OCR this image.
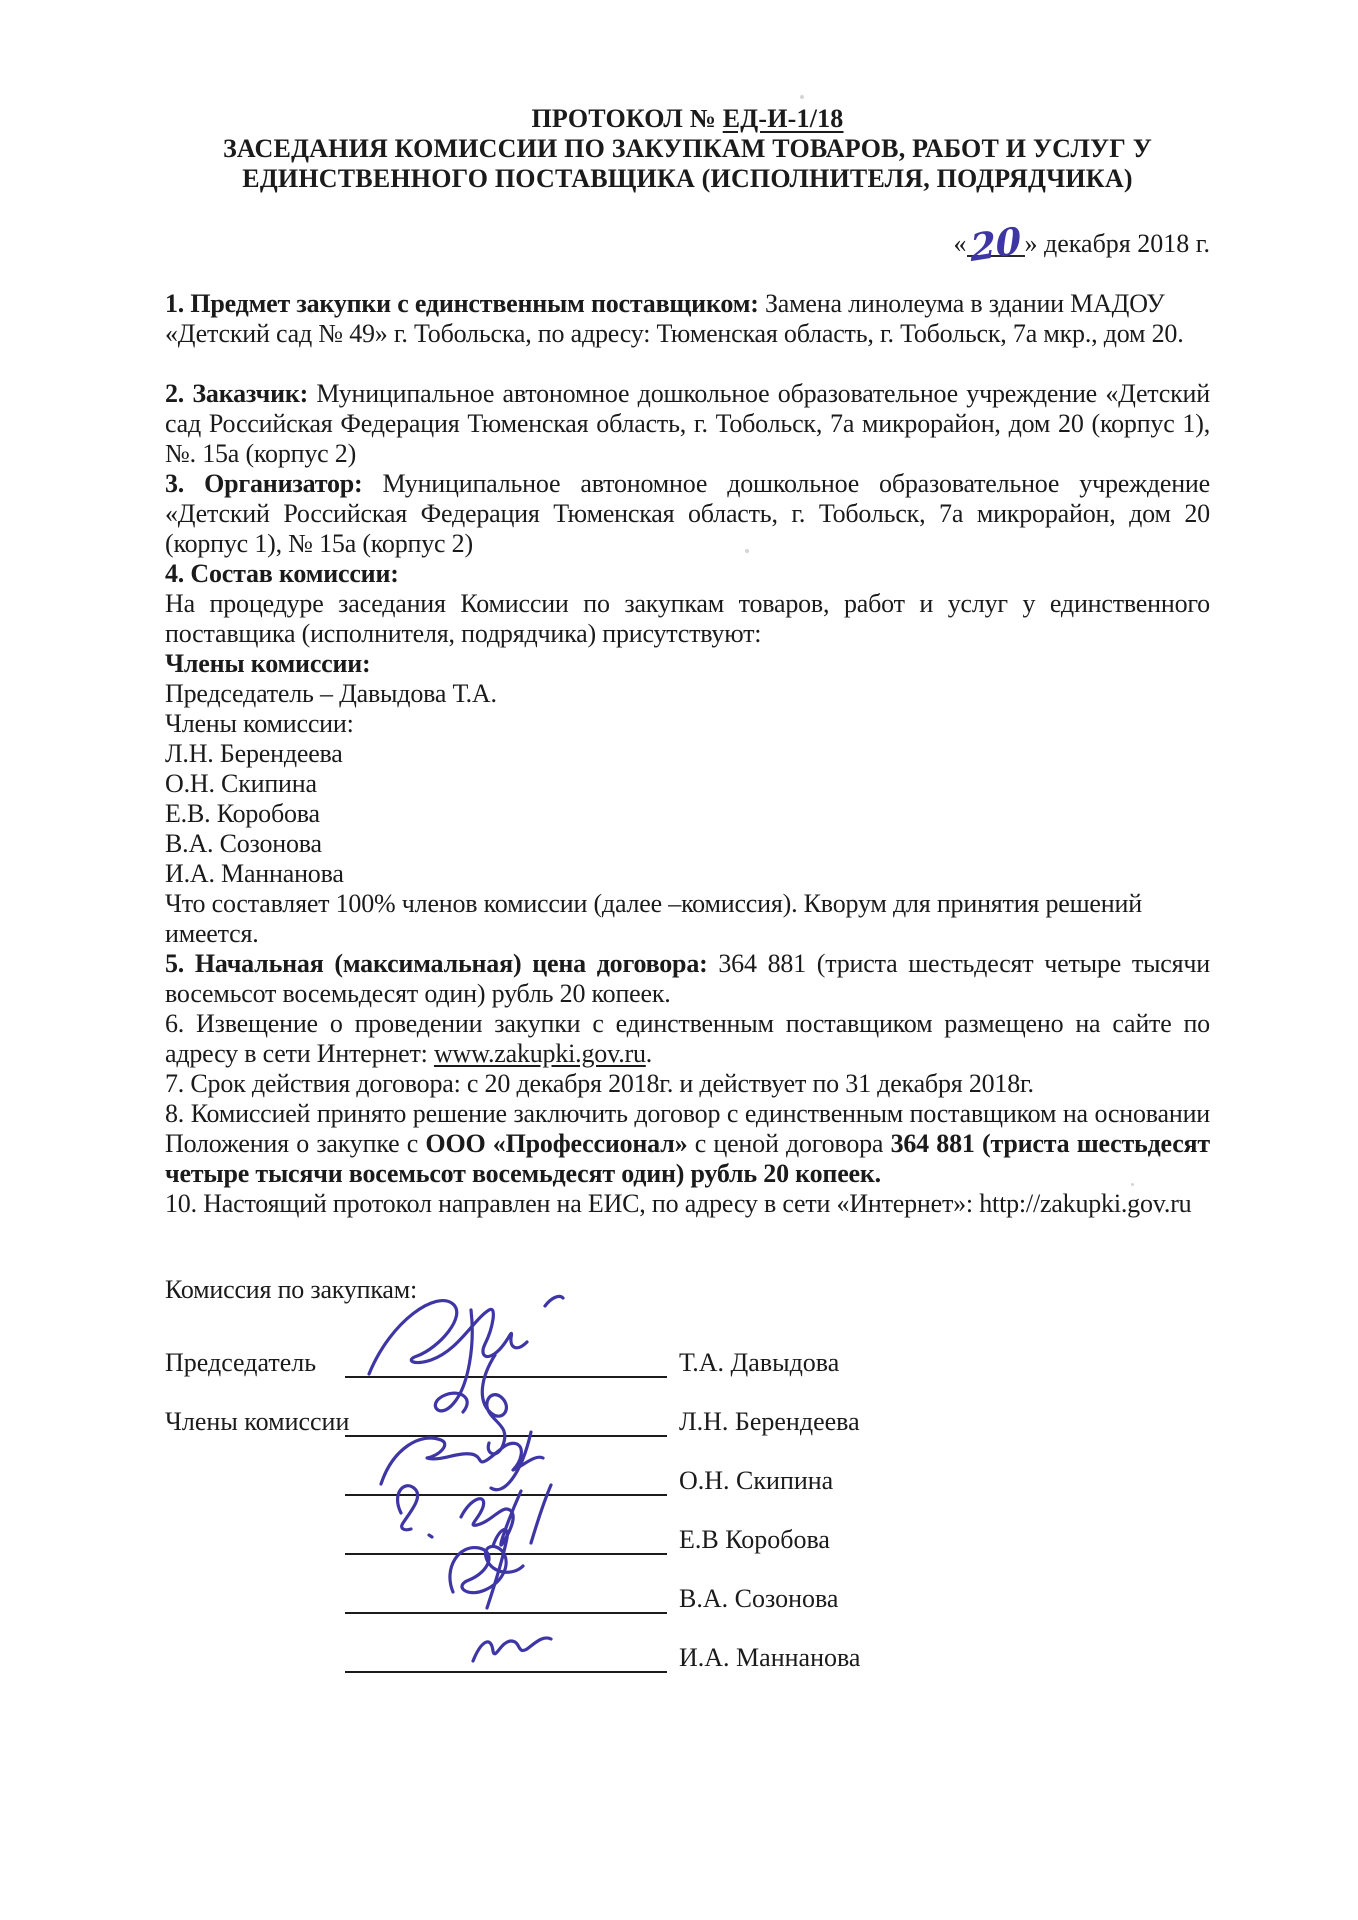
ПРОТОКОЛ № ЕД-И-1/18
ЗАСЕДАНИЯ КОМИССИИ ПО ЗАКУПКАМ ТОВАРОВ, РАБОТ И УСЛУГ У
ЕДИНСТВЕННОГО ПОСТАВЩИКА (ИСПОЛНИТЕЛЯ, ПОДРЯДЧИКА)
«20» декабря 2018 г.

1. Предмет закупки с единственным поставщиком: Замена линолеума в здании МАДОУ «Детский сад № 49» г. Тобольска, по адресу: Тюменская область, г. Тобольск, 7а мкр., дом 20.

2. Заказчик: Муниципальное автономное дошкольное образовательное учреждение «Детский сад Российская Федерация Тюменская область, г. Тобольск, 7а микрорайон, дом 20 (корпус 1), №. 15а (корпус 2)

3. Организатор: Муниципальное автономное дошкольное образовательное учреждение «Детский Российская Федерация Тюменская область, г. Тобольск, 7а микрорайон, дом 20 (корпус 1), № 15а (корпус 2)

4. Состав комиссии:

На процедуре заседания Комиссии по закупкам товаров, работ и услуг у единственного поставщика (исполнителя, подрядчика) присутствуют:

Члены комиссии:

Председатель – Давыдова Т.А.

Члены комиссии:

Л.Н. Берендеева

О.Н. Скипина

Е.В. Коробова

В.А. Созонова

И.А. Маннанова

Что составляет 100% членов комиссии (далее –комиссия). Кворум для принятия решений имеется.

5. Начальная (максимальная) цена договора: 364 881 (триста шестьдесят четыре тысячи восемьсот восемьдесят один) рубль 20 копеек.

6. Извещение о проведении закупки с единственным поставщиком размещено на сайте по адресу в сети Интернет: www.zakupki.gov.ru.

7. Срок действия договора: с 20 декабря 2018г. и действует по 31 декабря 2018г.

8. Комиссией принято решение заключить договор с единственным поставщиком на основании Положения о закупке с ООО «Профессионал» с ценой договора 364 881 (триста шестьдесят четыре тысячи восемьсот восемьдесят один) рубль 20 копеек.

10. Настоящий протокол направлен на ЕИС, по адресу в сети «Интернет»: http://zakupki.gov.ru

Комиссия по закупкам:
Председатель	Т.А. Давыдова
Члены комиссии	Л.Н. Берендеева
О.Н. Скипина
Е.В Коробова
В.А. Созонова
И.А. Маннанова
